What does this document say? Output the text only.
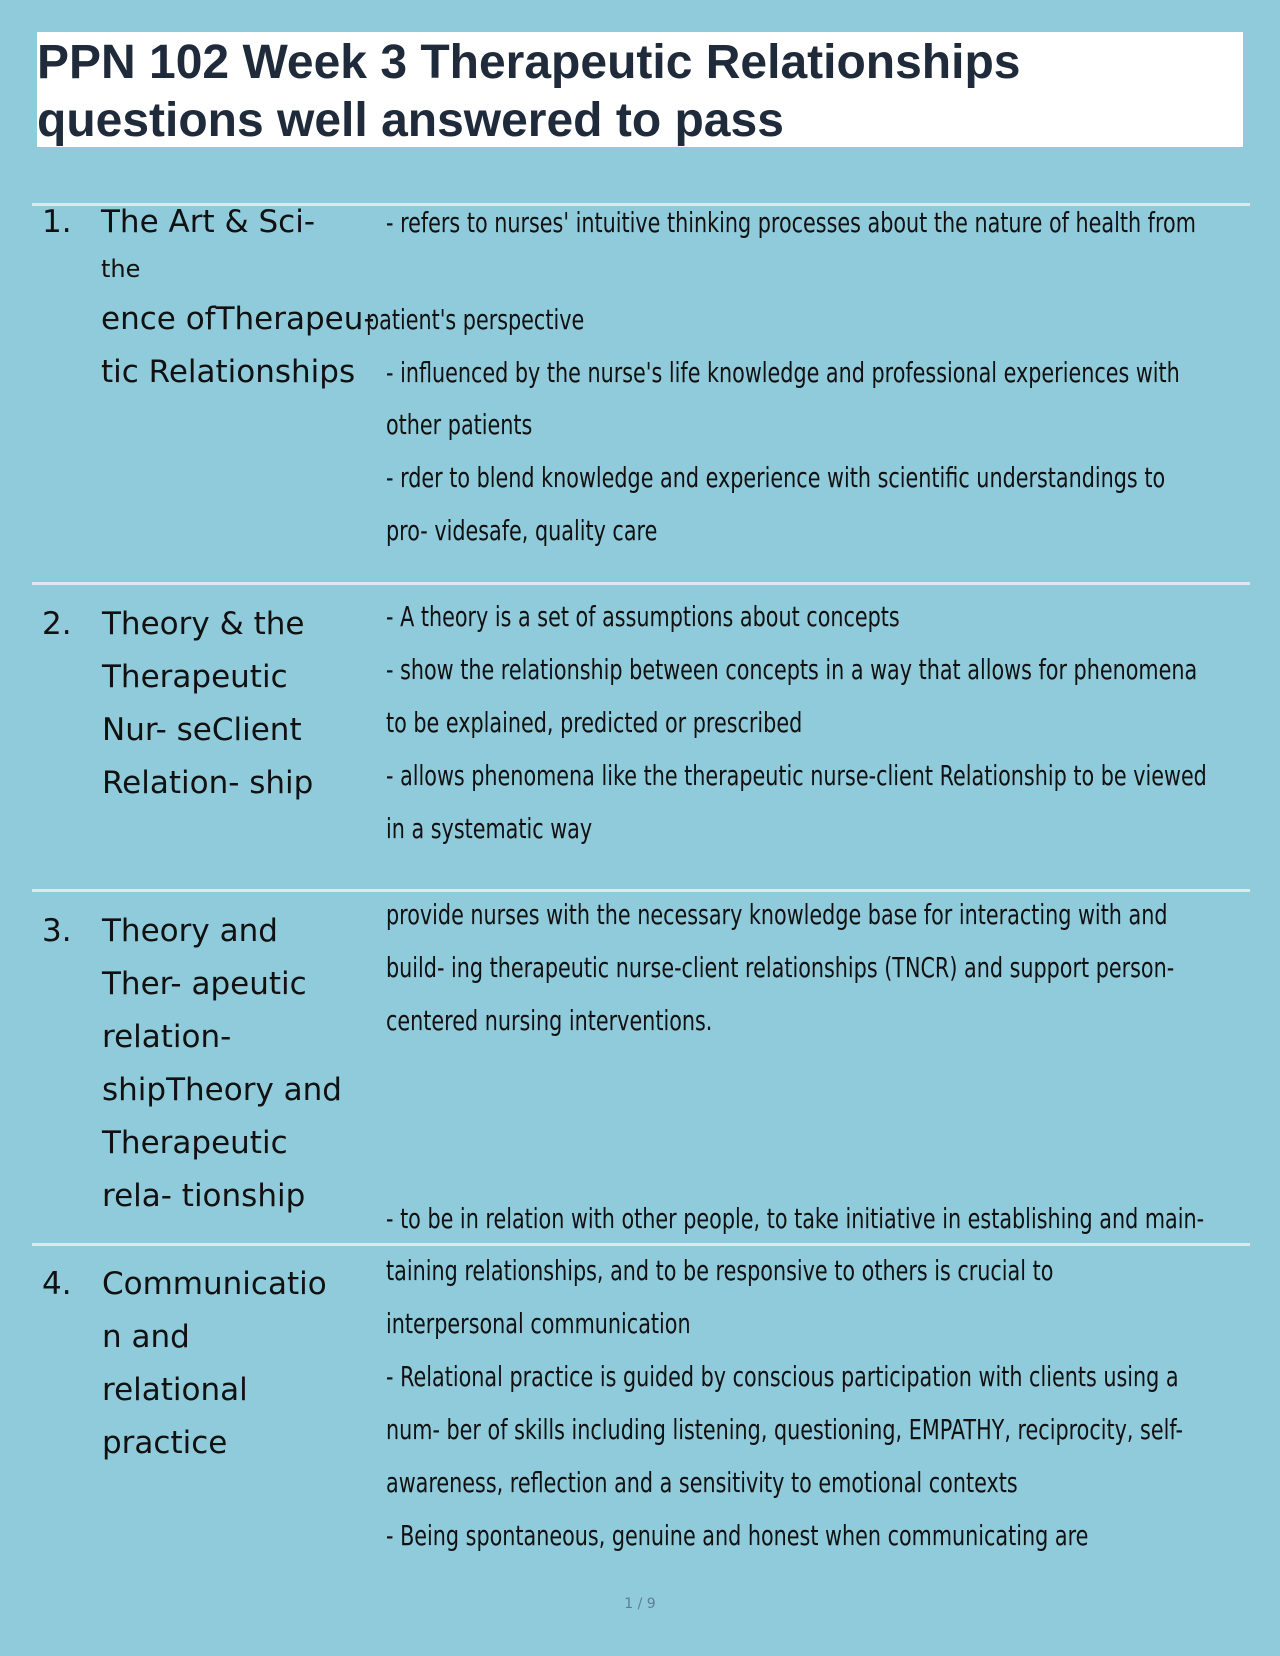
PPN 102 Week 3 Therapeutic Relationships
questions well answered to pass
1. The Art & Sci-
the
ence ofTherapeu-
tic Relationships
- refers to nurses' intuitive thinking processes about the nature of health from
patient's perspective
- influenced by the nurse's life knowledge and professional experiences with
other patients
- rder to blend knowledge and experience with scientific understandings to
pro- videsafe, quality care
2. Theory & the
Therapeutic
Nur- seClient
Relation- ship
- A theory is a set of assumptions about concepts
- show the relationship between concepts in a way that allows for phenomena
to be explained, predicted or prescribed
- allows phenomena like the therapeutic nurse-client Relationship to be viewed
in a systematic way
3. Theory and
Ther- apeutic
relation-
shipTheory and
Therapeutic
rela- tionship
provide nurses with the necessary knowledge base for interacting with and
build- ing therapeutic nurse-client relationships (TNCR) and support person-
centered nursing interventions.
- to be in relation with other people, to take initiative in establishing and main-
4. Communicatio
n and
relational
practice
taining relationships, and to be responsive to others is crucial to
interpersonal communication
- Relational practice is guided by conscious participation with clients using a
num- ber of skills including listening, questioning, EMPATHY, reciprocity, self-
awareness, reflection and a sensitivity to emotional contexts
- Being spontaneous, genuine and honest when communicating are
1 / 9
